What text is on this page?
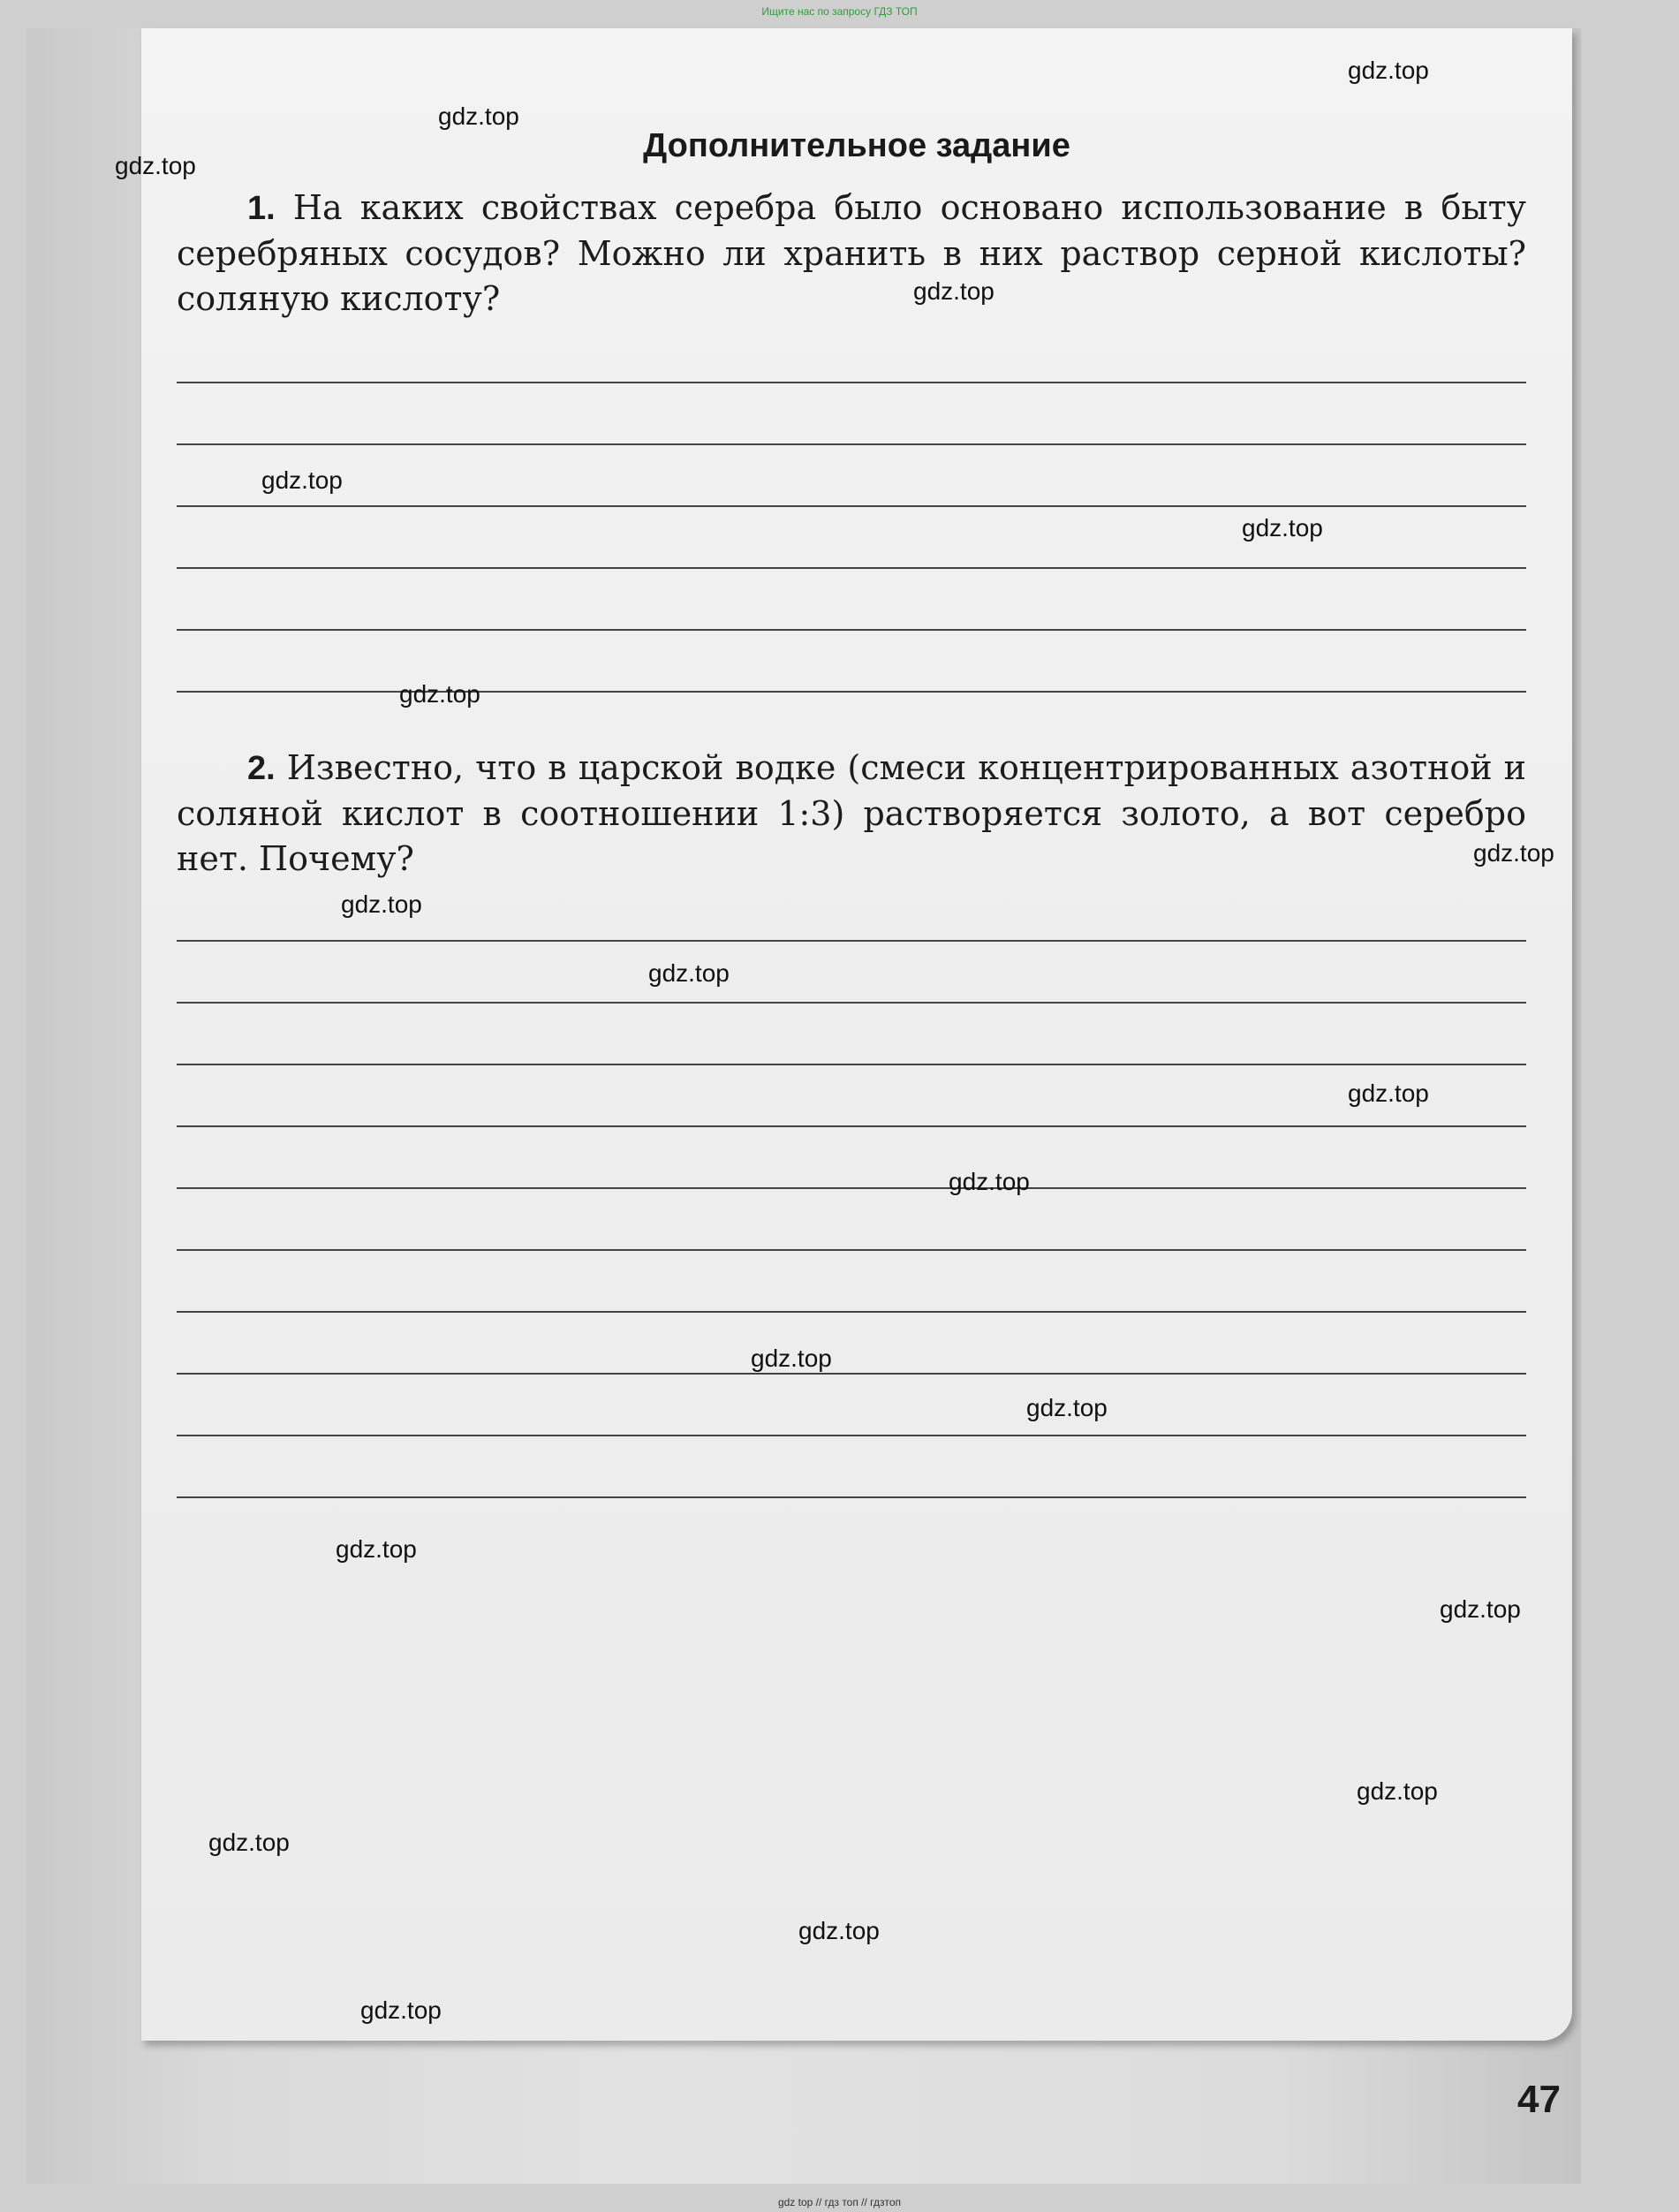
Ищите нас по запросу ГДЗ ТОП
Дополнительное задание
1. На каких свойствах серебра было основано использование в быту серебряных сосудов? Можно ли хранить в них раствор серной кислоты? соляную кислоту?
2. Известно, что в царской водке (смеси концентрированных азотной и соляной кислот в соотношении 1:3) растворяется золото, а вот серебро нет. Почему?
47
gdz.top
gdz.top
gdz.top
gdz.top
gdz.top
gdz.top
gdz.top
gdz.top
gdz.top
gdz.top
gdz.top
gdz.top
gdz.top
gdz.top
gdz.top
gdz.top
gdz.top
gdz.top
gdz.top
gdz.top
gdz top // гдз топ // гдзтоп
